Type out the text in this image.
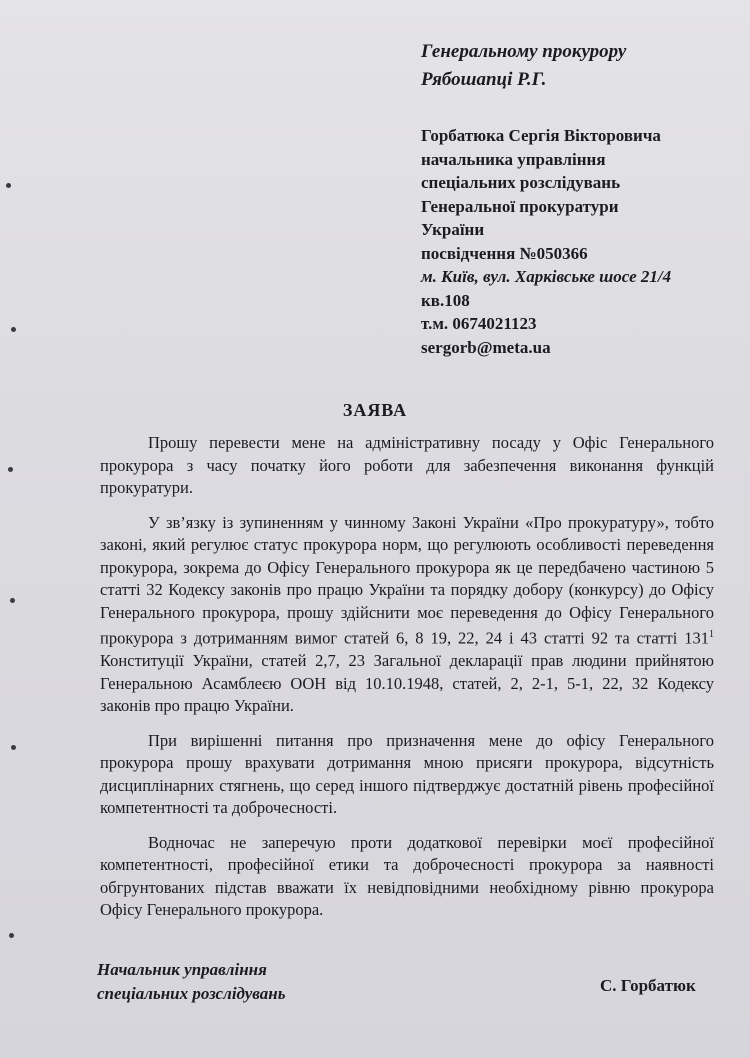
Генеральному прокурору
Рябошапці Р.Г.
Горбатюка Сергія Вікторовича
начальника управління
спеціальних розслідувань
Генеральної прокуратури
України
посвідчення №050366
м. Київ, вул. Харківське шосе 21/4
кв.108
т.м. 0674021123
sergorb@meta.ua
ЗАЯВА

Прошу перевести мене на адміністративну посаду у Офіс Генерального прокурора з часу початку його роботи для забезпечення виконання функцій прокуратури.

У зв’язку із зупиненням у чинному Законі України «Про прокуратуру», тобто законі, який регулює статус прокурора норм, що регулюють особливості переведення прокурора, зокрема до Офісу Генерального прокурора як це передбачено частиною 5 статті 32 Кодексу законів про працю України та порядку добору (конкурсу) до Офісу Генерального прокурора, прошу здійснити моє переведення до Офісу Генерального прокурора з дотриманням вимог статей 6, 8 19, 22, 24 і 43 статті 92 та статті $131^1$ Конституції України, статей 2,7, 23 Загальної декларації прав людини прийнятою Генеральною Асамблеєю ООН від 10.10.1948, статей, 2, 2-1, 5-1, 22, 32 Кодексу законів про працю України.

При вирішенні питання про призначення мене до офісу Генерального прокурора прошу врахувати дотримання мною присяги прокурора, відсутність дисциплінарних стягнень, що серед іншого підтверджує достатній рівень професійної компетентності та доброчесності.

Водночас не заперечую проти додаткової перевірки моєї професійної компетентності, професійної етики та доброчесності прокурора за наявності обгрунтованих підстав вважати їх невідповідними необхідному рівню прокурора Офісу Генерального прокурора.

Начальник управління
спеціальних розслідувань	С. Горбатюк
